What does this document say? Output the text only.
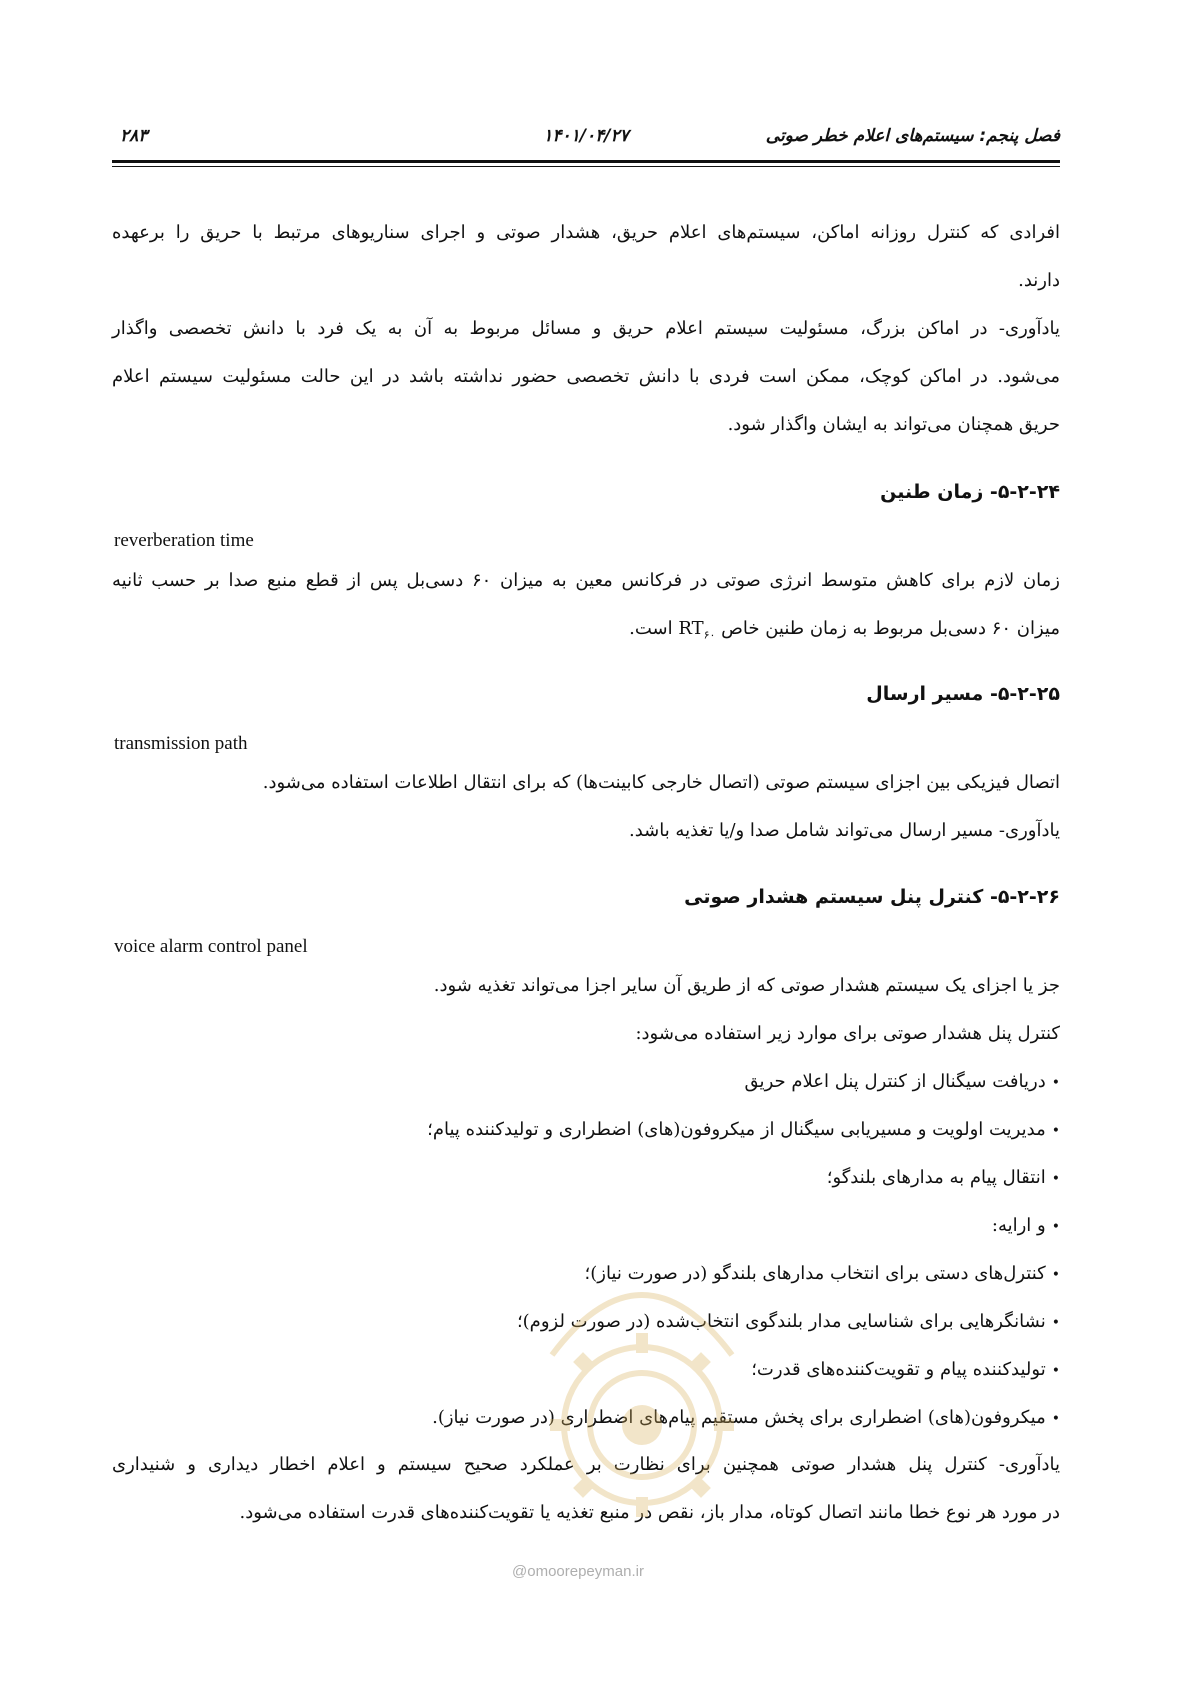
فصل پنجم: سیستم‌های اعلام خطر صوتی
۱۴۰۱/۰۴/۲۷
۲۸۳
افرادی که کنترل روزانه اماکن، سیستم‌های اعلام حریق، هشدار صوتی و اجرای سناریوهای مرتبط با حریق را برعهده
دارند.
یادآوری- در اماکن بزرگ، مسئولیت سیستم اعلام حریق و مسائل مربوط به آن به یک فرد با دانش تخصصی واگذار
می‌شود. در اماکن کوچک، ممکن است فردی با دانش تخصصی حضور نداشته باشد در این حالت مسئولیت سیستم اعلام
حریق همچنان می‌تواند به ایشان واگذار شود.
۵-۲-۲۴- زمان طنین
reverberation time
زمان لازم برای کاهش متوسط انرژی صوتی در فرکانس معین به میزان ۶۰ دسی‌بل پس از قطع منبع صدا بر حسب ثانیه
میزان ۶۰ دسی‌بل مربوط به زمان طنین خاص $RT_{۶۰}$ است.
۵-۲-۲۵- مسیر ارسال
transmission path
اتصال فیزیکی بین اجزای سیستم صوتی (اتصال خارجی کابینت‌ها) که برای انتقال اطلاعات استفاده می‌شود.
یادآوری- مسیر ارسال می‌تواند شامل صدا و/یا تغذیه باشد.
۵-۲-۲۶- کنترل پنل سیستم هشدار صوتی
voice alarm control panel
جز یا اجزای یک سیستم هشدار صوتی که از طریق آن سایر اجزا می‌تواند تغذیه شود.
کنترل پنل هشدار صوتی برای موارد زیر استفاده می‌شود:
•دریافت سیگنال از کنترل پنل اعلام حریق
•مدیریت اولویت و مسیریابی سیگنال از میکروفون(های) اضطراری و تولیدکننده پیام؛
•انتقال پیام به مدارهای بلندگو؛
•و ارایه:
•کنترل‌های دستی برای انتخاب مدارهای بلندگو (در صورت نیاز)؛
•نشانگرهایی برای شناسایی مدار بلندگوی انتخاب‌شده (در صورت لزوم)؛
•تولیدکننده پیام و تقویت‌کننده‌های قدرت؛
•میکروفون(های) اضطراری برای پخش مستقیم پیام‌های اضطراری (در صورت نیاز).
یادآوری- کنترل پنل هشدار صوتی همچنین برای نظارت بر عملکرد صحیح سیستم و اعلام اخطار دیداری و شنیداری
در مورد هر نوع خطا مانند اتصال کوتاه، مدار باز، نقص در منبع تغذیه یا تقویت‌کننده‌های قدرت استفاده می‌شود.
@omoorepeyman.ir
